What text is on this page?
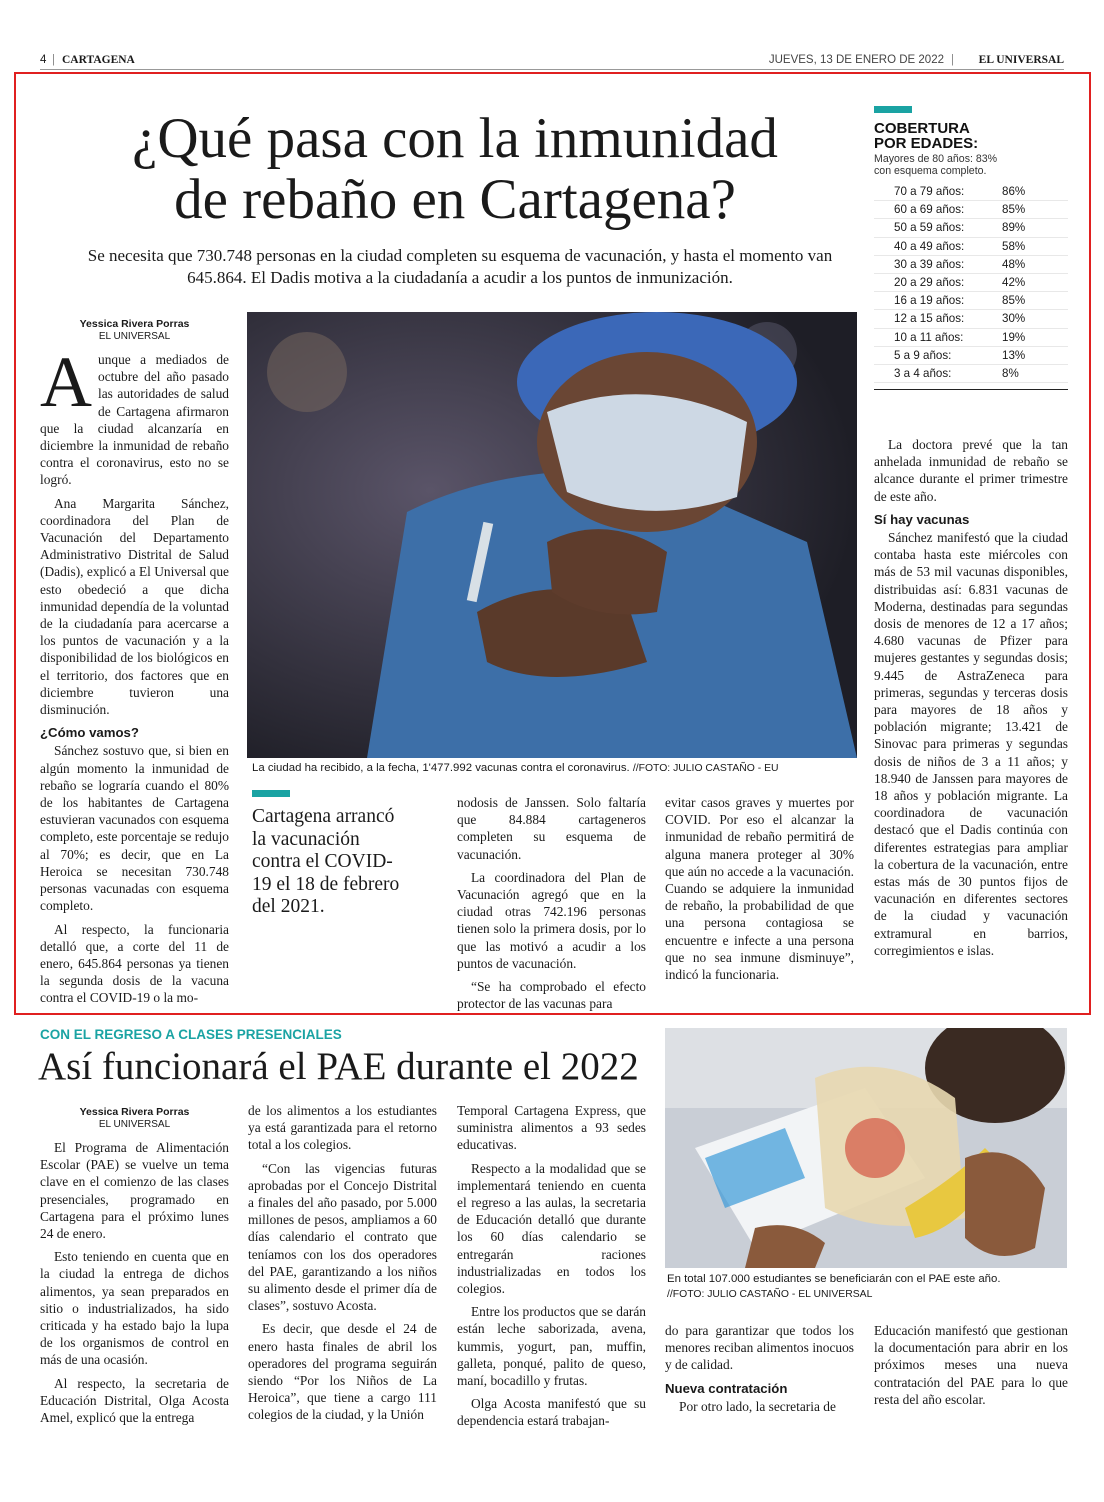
4 | CARTAGENA	JUEVES, 13 DE ENERO DE 2022 | EL UNIVERSAL
¿Qué pasa con la inmunidad
de rebaño en Cartagena?
Se necesita que 730.748 personas en la ciudad completen su esquema de vacunación, y hasta el momento van 645.864. El Dadis motiva a la ciudadanía a acudir a los puntos de inmunización.
COBERTURA
POR EDADES:
Mayores de 80 años: 83% con esquema completo.
70 a 79 años:	86%
60 a 69 años:	85%
50 a 59 años:	89%
40 a 49 años:	58%
30 a 39 años:	48%
20 a 29 años:	42%
16 a 19 años:	85%
12 a 15 años:	30%
10 a 11 años:	19%
5 a 9 años:	13%
3 a 4 años:	8%
Yessica Rivera Porras
EL UNIVERSAL

Aunque a mediados de octubre del año pasado las autoridades de salud de Cartagena afirmaron que la ciudad alcanzaría en diciembre la inmunidad de rebaño contra el coronavirus, esto no se logró.

Ana Margarita Sánchez, coordinadora del Plan de Vacunación del Departamento Administrativo Distrital de Salud (Dadis), explicó a El Universal que esto obedeció a que dicha inmunidad dependía de la voluntad de la ciudadanía para acercarse a los puntos de vacunación y a la disponibilidad de los biológicos en el territorio, dos factores que en diciembre tuvieron una disminución.

¿Cómo vamos?

Sánchez sostuvo que, si bien en algún momento la inmunidad de rebaño se lograría cuando el 80% de los habitantes de Cartagena estuvieran vacunados con esquema completo, este porcentaje se redujo al 70%; es decir, que en La Heroica se necesitan 730.748 personas vacunadas con esquema completo.

Al respecto, la funcionaria detalló que, a corte del 11 de enero, 645.864 personas ya tienen la segunda dosis de la vacuna contra el COVID-19 o la mo-

La ciudad ha recibido, a la fecha, 1'477.992 vacunas contra el coronavirus. //FOTO: JULIO CASTAÑO - EU
Cartagena arrancó la vacunación contra el COVID-19 el 18 de febrero del 2021.

nodosis de Janssen. Solo faltaría que 84.884 cartageneros completen su esquema de vacunación.

La coordinadora del Plan de Vacunación agregó que en la ciudad otras 742.196 personas tienen solo la primera dosis, por lo que las motivó a acudir a los puntos de vacunación.

“Se ha comprobado el efecto protector de las vacunas para

evitar casos graves y muertes por COVID. Por eso el alcanzar la inmunidad de rebaño permitirá de alguna manera proteger al 30% que aún no accede a la vacunación. Cuando se adquiere la inmunidad de rebaño, la probabilidad de que una persona contagiosa se encuentre e infecte a una persona que no sea inmune disminuye”, indicó la funcionaria.

La doctora prevé que la tan anhelada inmunidad de rebaño se alcance durante el primer trimestre de este año.

Sí hay vacunas

Sánchez manifestó que la ciudad contaba hasta este miércoles con más de 53 mil vacunas disponibles, distribuidas así: 6.831 vacunas de Moderna, destinadas para segundas dosis de menores de 12 a 17 años; 4.680 vacunas de Pfizer para mujeres gestantes y segundas dosis; 9.445 de AstraZeneca para primeras, segundas y terceras dosis para mayores de 18 años y población migrante; 13.421 de Sinovac para primeras y segundas dosis de niños de 3 a 11 años; y 18.940 de Janssen para mayores de 18 años y población migrante. La coordinadora de vacunación destacó que el Dadis continúa con diferentes estrategias para ampliar la cobertura de la vacunación, entre estas más de 30 puntos fijos de vacunación en diferentes sectores de la ciudad y vacunación extramural en barrios, corregimientos e islas.

CON EL REGRESO A CLASES PRESENCIALES
Así funcionará el PAE durante el 2022
Yessica Rivera Porras
EL UNIVERSAL

El Programa de Alimentación Escolar (PAE) se vuelve un tema clave en el comienzo de las clases presenciales, programado en Cartagena para el próximo lunes 24 de enero.

Esto teniendo en cuenta que en la ciudad la entrega de dichos alimentos, ya sean preparados en sitio o industrializados, ha sido criticada y ha estado bajo la lupa de los organismos de control en más de una ocasión.

Al respecto, la secretaria de Educación Distrital, Olga Acosta Amel, explicó que la entrega

de los alimentos a los estudiantes ya está garantizada para el retorno total a los colegios.

“Con las vigencias futuras aprobadas por el Concejo Distrital a finales del año pasado, por 5.000 millones de pesos, ampliamos a 60 días calendario el contrato que teníamos con los dos operadores del PAE, garantizando a los niños su alimento desde el primer día de clases”, sostuvo Acosta.

Es decir, que desde el 24 de enero hasta finales de abril los operadores del programa seguirán siendo “Por los Niños de La Heroica”, que tiene a cargo 111 colegios de la ciudad, y la Unión

Temporal Cartagena Express, que suministra alimentos a 93 sedes educativas.

Respecto a la modalidad que se implementará teniendo en cuenta el regreso a las aulas, la secretaria de Educación detalló que durante los 60 días calendario se entregarán raciones industrializadas en todos los colegios.

Entre los productos que se darán están leche saborizada, avena, kummis, yogurt, pan, muffin, galleta, ponqué, palito de queso, maní, bocadillo y frutas.

Olga Acosta manifestó que su dependencia estará trabajan-

En total 107.000 estudiantes se beneficiarán con el PAE este año.
//FOTO: JULIO CASTAÑO - EL UNIVERSAL

do para garantizar que todos los menores reciban alimentos inocuos y de calidad.

Nueva contratación

Por otro lado, la secretaria de

Educación manifestó que gestionan la documentación para abrir en los próximos meses una nueva contratación del PAE para lo que resta del año escolar.
